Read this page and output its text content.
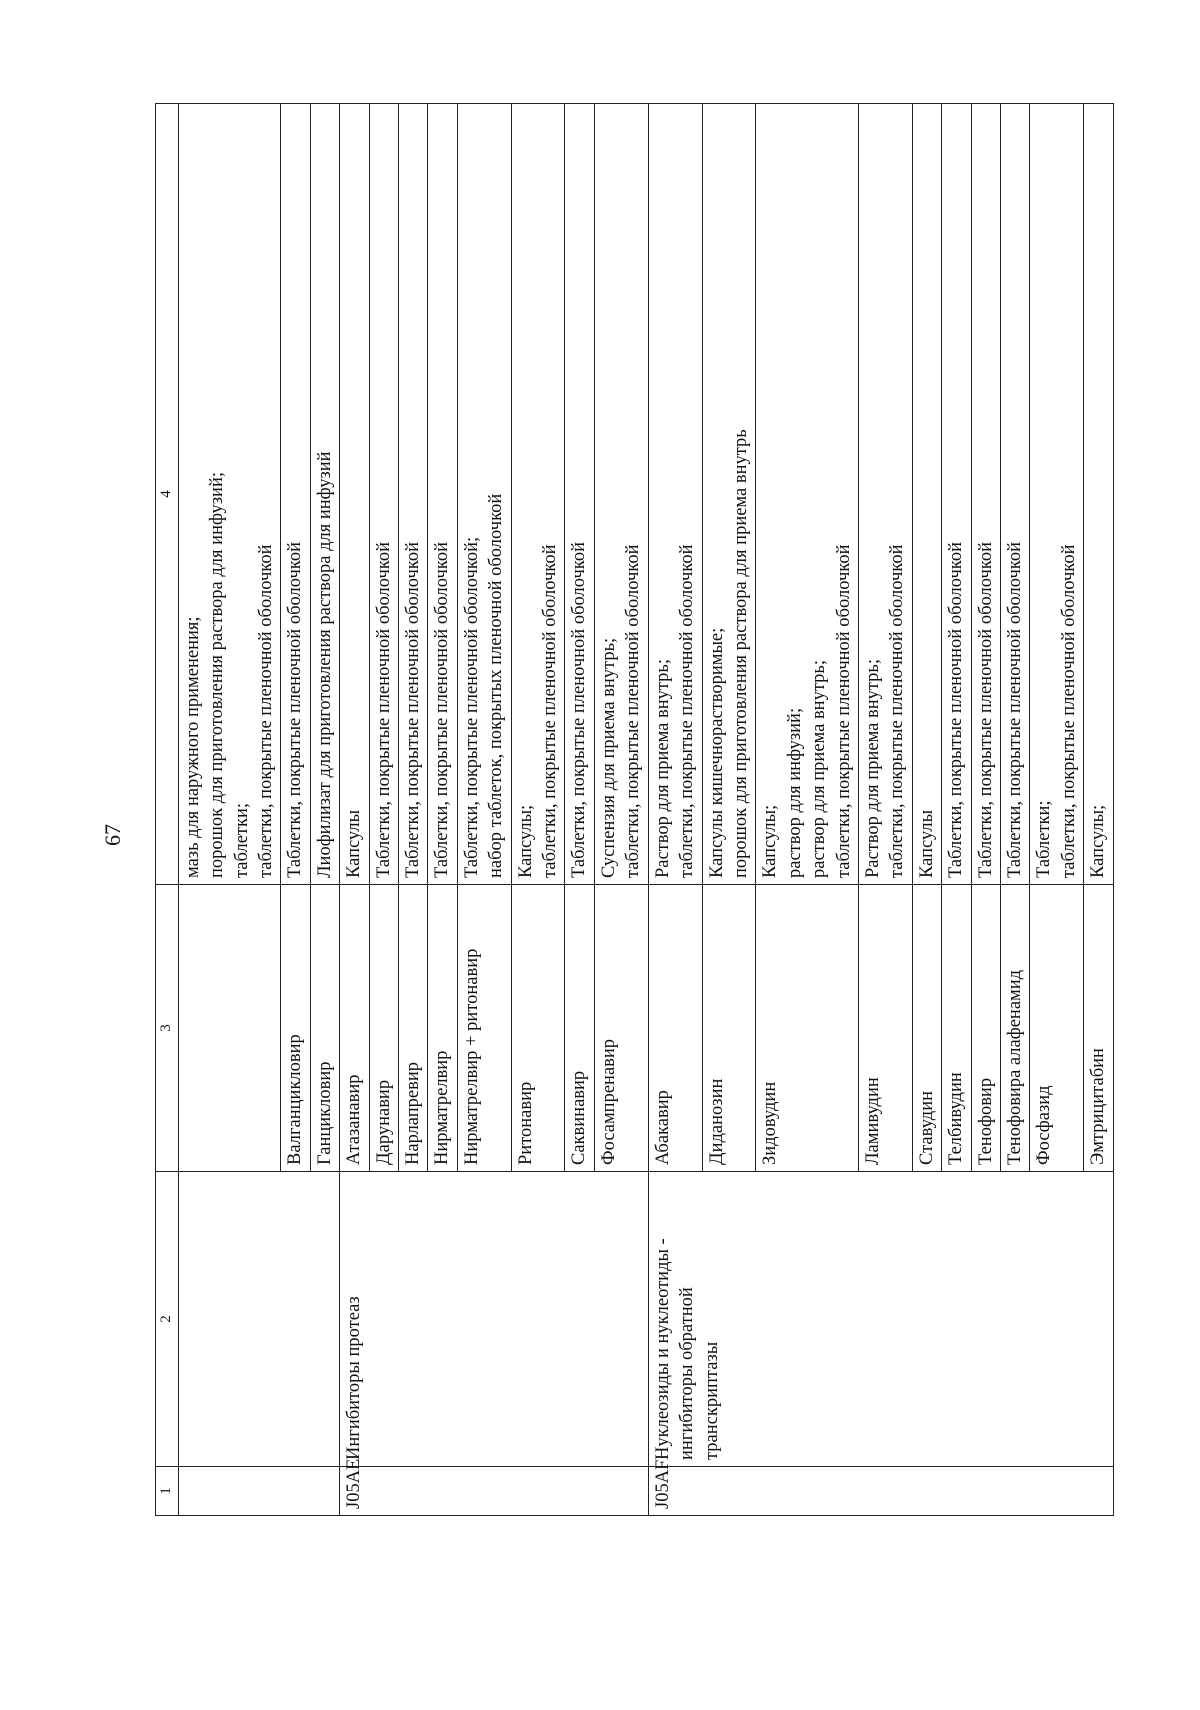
67
1	2	3	4

			мазь для наружного применения; порошок для приготовления раствора для инфузий; таблетки; таблетки, покрытые пленочной оболочкой

		Валганцикловир	Таблетки, покрытые пленочной оболочкой

		Ганцикловир	Лиофилизат для приготовления раствора для инфузий

J05AE	Ингибиторы протеаз	Атазанавир	Капсулы

		Дарунавир	Таблетки, покрытые пленочной оболочкой

		Нарлапревир	Таблетки, покрытые пленочной оболочкой

		Нирматрелвир	Таблетки, покрытые пленочной оболочкой

		Нирматрелвир + ритонавир	Таблетки, покрытые пленочной оболочкой; набор таблеток, покрытых пленочной оболочкой

		Ритонавир	Капсулы; таблетки, покрытые пленочной оболочкой

		Саквинавир	Таблетки, покрытые пленочной оболочкой

		Фосампренавир	Суспензия для приема внутрь; таблетки, покрытые пленочной оболочкой

J05AF	Нуклеозиды и нуклеотиды - ингибиторы обратной транскриптазы	Абакавир	Раствор для приема внутрь; таблетки, покрытые пленочной оболочкой

		Диданозин	Капсулы кишечнорастворимые; порошок для приготовления раствора для приема внутрь

		Зидовудин	Капсулы; раствор для инфузий; раствор для приема внутрь; таблетки, покрытые пленочной оболочкой

		Ламивудин	Раствор для приема внутрь; таблетки, покрытые пленочной оболочкой

		Ставудин	Капсулы

		Телбивудин	Таблетки, покрытые пленочной оболочкой

		Тенофовир	Таблетки, покрытые пленочной оболочкой

		Тенофовира алафенамид	Таблетки, покрытые пленочной оболочкой

		Фосфазид	Таблетки; таблетки, покрытые пленочной оболочкой

		Эмтрицитабин	Капсулы;
